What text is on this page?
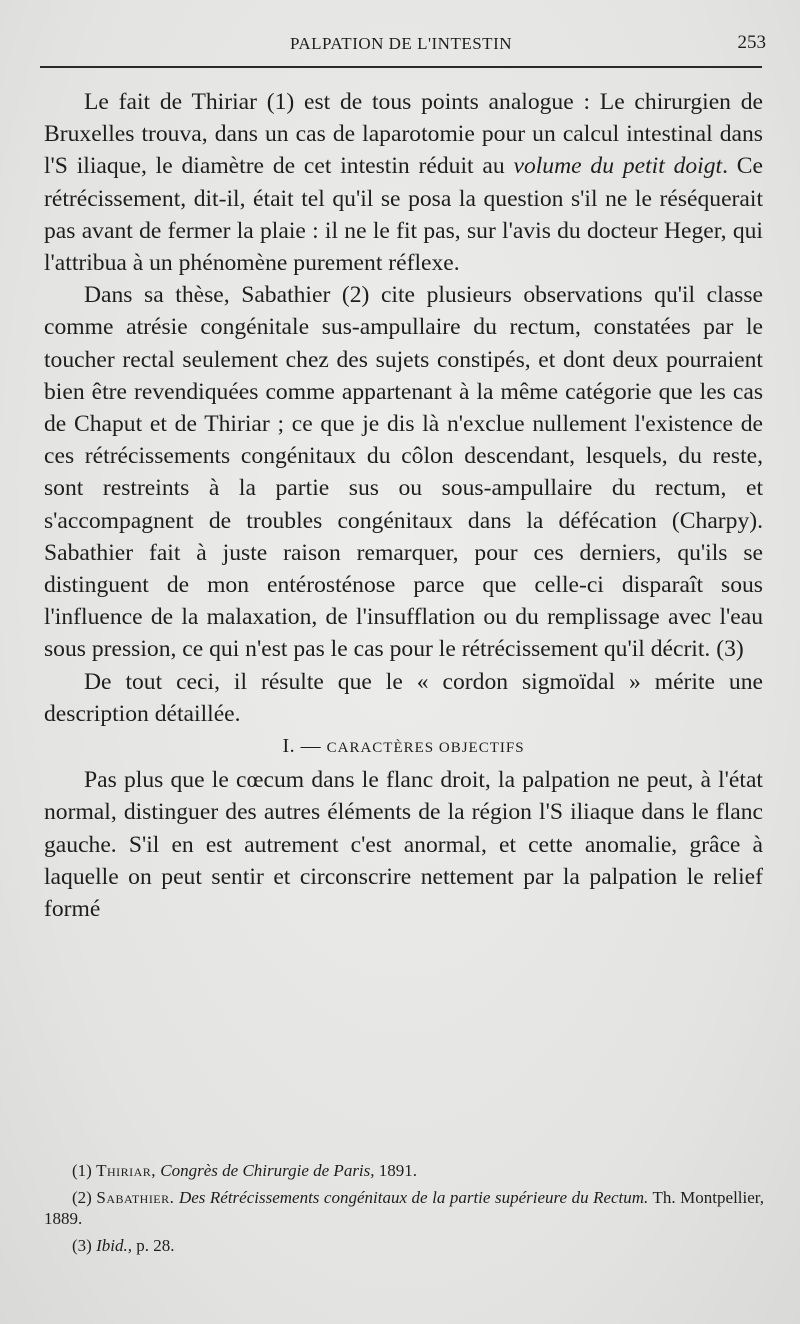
PALPATION DE L'INTESTIN	253

Le fait de Thiriar (1) est de tous points analogue : Le chirurgien de Bruxelles trouva, dans un cas de laparotomie pour un calcul intestinal dans l'S iliaque, le diamètre de cet intestin réduit au volume du petit doigt. Ce rétrécissement, dit-il, était tel qu'il se posa la question s'il ne le réséquerait pas avant de fermer la plaie : il ne le fit pas, sur l'avis du docteur Heger, qui l'attribua à un phénomène purement réflexe.

Dans sa thèse, Sabathier (2) cite plusieurs observations qu'il classe comme atrésie congénitale sus-ampullaire du rectum, constatées par le toucher rectal seulement chez des sujets constipés, et dont deux pourraient bien être revendiquées comme appartenant à la même catégorie que les cas de Chaput et de Thiriar ; ce que je dis là n'exclue nullement l'existence de ces rétrécissements congénitaux du côlon descendant, lesquels, du reste, sont restreints à la partie sus ou sous-ampullaire du rectum, et s'accompagnent de troubles congénitaux dans la défécation (Charpy). Sabathier fait à juste raison remarquer, pour ces derniers, qu'ils se distinguent de mon entérosténose parce que celle-ci disparaît sous l'influence de la malaxation, de l'insufflation ou du remplissage avec l'eau sous pression, ce qui n'est pas le cas pour le rétrécissement qu'il décrit. (3)

De tout ceci, il résulte que le « cordon sigmoïdal » mérite une description détaillée.

I. — CARACTÈRES OBJECTIFS

Pas plus que le cœcum dans le flanc droit, la palpation ne peut, à l'état normal, distinguer des autres éléments de la région l'S iliaque dans le flanc gauche. S'il en est autrement c'est anormal, et cette anomalie, grâce à laquelle on peut sentir et circonscrire nettement par la palpation le relief formé

(1) Thiriar, Congrès de Chirurgie de Paris, 1891.

(2) Sabathier. Des Rétrécissements congénitaux de la partie supérieure du Rectum. Th. Montpellier, 1889.

(3) Ibid., p. 28.
